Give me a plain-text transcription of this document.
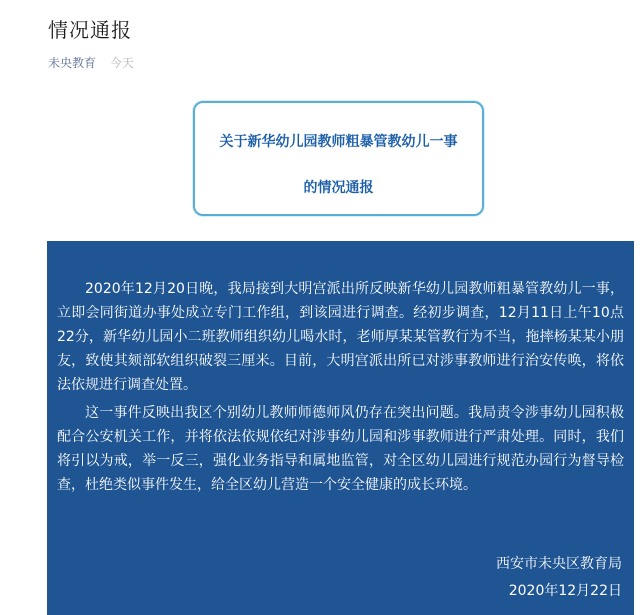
情况通报
未央教育 今天
关于新华幼儿园教师粗暴管教幼儿一事
的情况通报

2020年12月20日晚，我局接到大明宫派出所反映新华幼儿园教师粗暴管教幼儿一事，立即会同街道办事处成立专门工作组，到该园进行调查。经初步调查，12月11日上午10点22分，新华幼儿园小二班教师组织幼儿喝水时，老师厚某某管教行为不当，拖摔杨某某小朋友，致使其颏部软组织破裂三厘米。目前，大明宫派出所已对涉事教师进行治安传唤，将依法依规进行调查处置。

这一事件反映出我区个别幼儿教师师德师风仍存在突出问题。我局责令涉事幼儿园积极配合公安机关工作，并将依法依规依纪对涉事幼儿园和涉事教师进行严肃处理。同时，我们将引以为戒，举一反三，强化业务指导和属地监管，对全区幼儿园进行规范办园行为督导检查，杜绝类似事件发生，给全区幼儿营造一个安全健康的成长环境。

西安市未央区教育局
2020年12月22日
